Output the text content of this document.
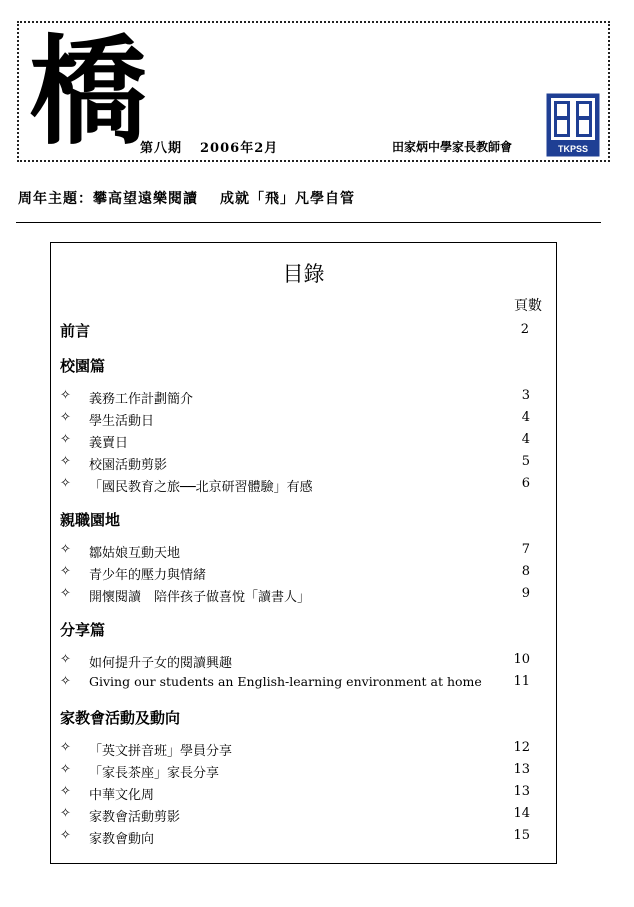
橋
第八期 2006年2月	田家炳中學家長教師會	TKPSS
周年主題：攀高望遠樂閱讀 成就「飛」凡學自管
目錄
頁數
前言	2
校園篇
✧ 義務工作計劃簡介	3
✧ 學生活動日	4
✧ 義賣日	4
✧ 校園活動剪影	5
✧ 「國民教育之旅──北京研習體驗」有感	6
親職園地
✧ 鄒姑娘互動天地	7
✧ 青少年的壓力與情緒	8
✧ 開懷閱讀　陪伴孩子做喜悅「讀書人」	9
分享篇
✧ 如何提升子女的閱讀興趣	10
✧ Giving our students an English-learning environment at home 11
家教會活動及動向
✧ 「英文拼音班」學員分享	12
✧ 「家長茶座」家長分享	13
✧ 中華文化周	13
✧ 家教會活動剪影	14
✧ 家教會動向	15
